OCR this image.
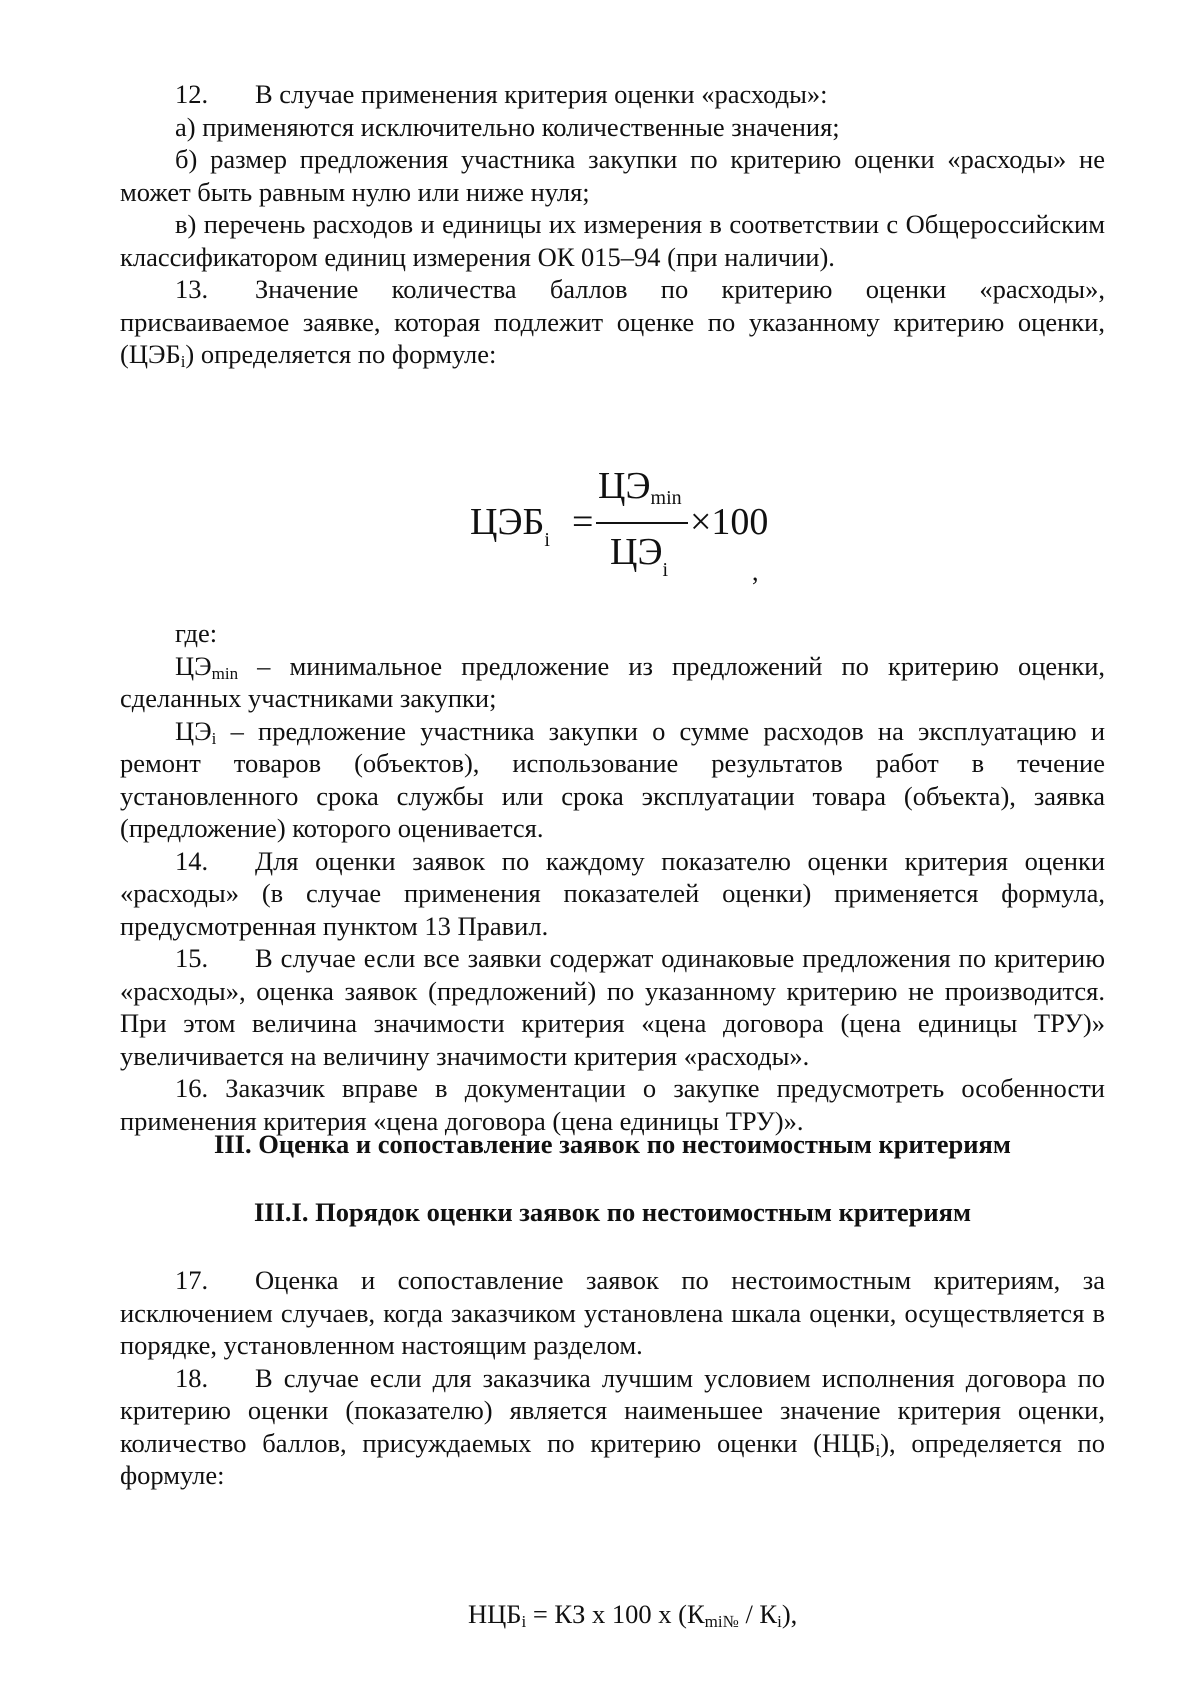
12. В случае применения критерия оценки «расходы»:

а) применяются исключительно количественные значения;

б) размер предложения участника закупки по критерию оценки «расходы» не может быть равным нулю или ниже нуля;

в) перечень расходов и единицы их измерения в соответствии с Общероссийским классификатором единиц измерения ОК 015–94 (при наличии).

13. Значение количества баллов по критерию оценки «расходы», присваиваемое заявке, которая подлежит оценке по указанному критерию оценки, $(ЦЭБ_i)$ определяется по формуле:

$ЦЭБ_i$ =
ЦЭmin
$ЦЭ_i$
×100
,

где:

$ЦЭ_{min}$ – минимальное предложение из предложений по критерию оценки, сделанных участниками закупки;

$ЦЭ_i$ – предложение участника закупки о сумме расходов на эксплуатацию и ремонт товаров (объектов), использование результатов работ в течение установленного срока службы или срока эксплуатации товара (объекта), заявка (предложение) которого оценивается.

14. Для оценки заявок по каждому показателю оценки критерия оценки «расходы» (в случае применения показателей оценки) применяется формула, предусмотренная пунктом 13 Правил.

15. В случае если все заявки содержат одинаковые предложения по критерию «расходы», оценка заявок (предложений) по указанному критерию не производится. При этом величина значимости критерия «цена договора (цена единицы ТРУ)» увеличивается на величину значимости критерия «расходы».

16. Заказчик вправе в документации о закупке предусмотреть особенности применения критерия «цена договора (цена единицы ТРУ)».

III. Оценка и сопоставление заявок по нестоимостным критериям
III.I. Порядок оценки заявок по нестоимостным критериям

17. Оценка и сопоставление заявок по нестоимостным критериям, за исключением случаев, когда заказчиком установлена шкала оценки, осуществляется в порядке, установленном настоящим разделом.

18. В случае если для заказчика лучшим условием исполнения договора по критерию оценки (показателю) является наименьшее значение критерия оценки, количество баллов, присуждаемых по критерию оценки $(НЦБ_i)$, определяется по формуле:

$НЦБ_i$ = КЗ x 100 x $(К_{mi№} / К_i)$,
